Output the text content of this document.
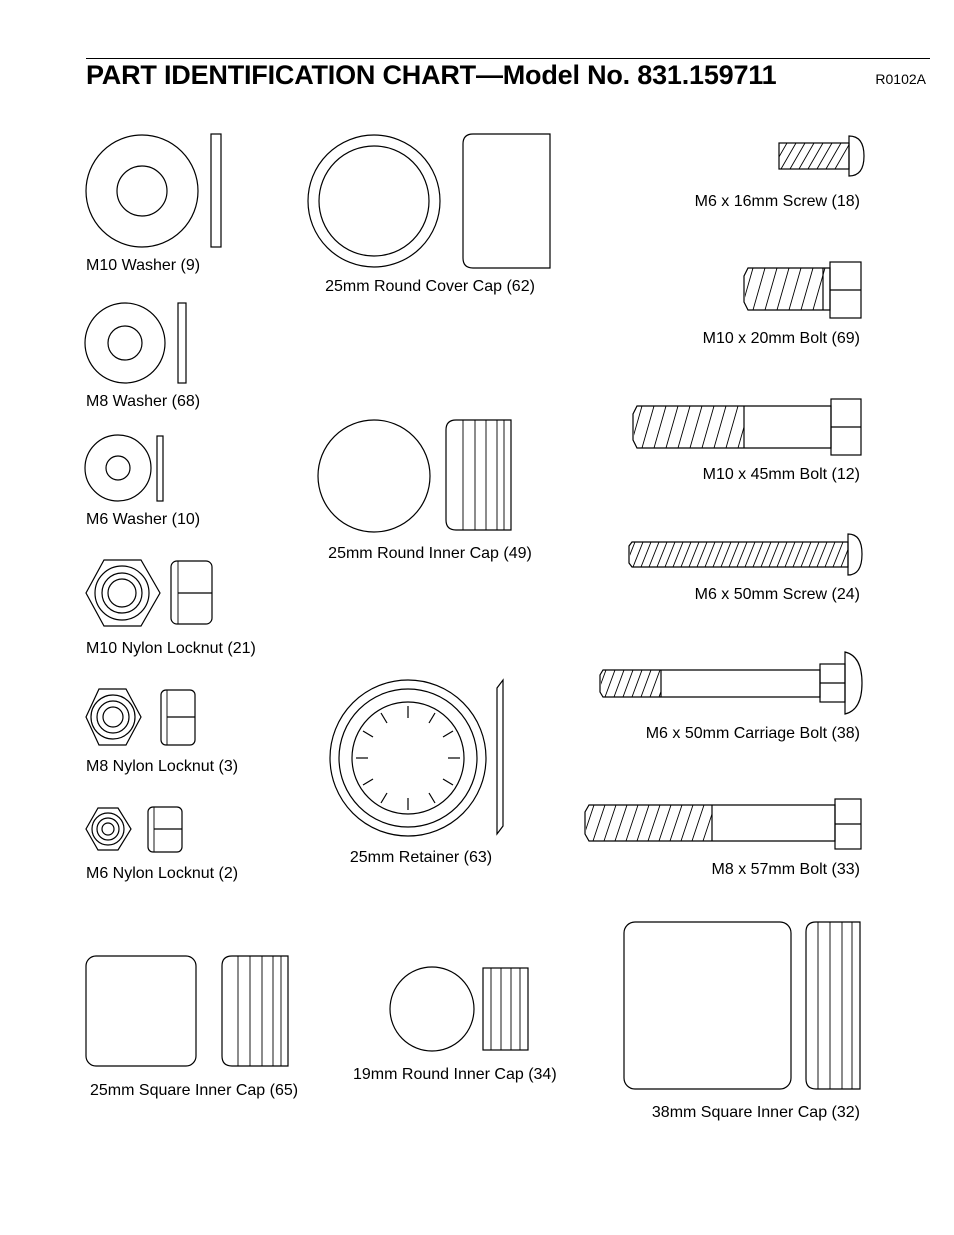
PART IDENTIFICATION CHART—Model No. 831.159711	R0102A
M10 Washer (9)
M8 Washer (68)
M6 Washer (10)
M10 Nylon Locknut (21)
M8 Nylon Locknut (3)
M6 Nylon Locknut (2)
25mm Round Cover Cap (62)
25mm Round Inner Cap (49)
25mm Retainer (63)
M6 x 16mm Screw (18)
M10 x 20mm Bolt (69)
M10 x 45mm Bolt (12)
M6 x 50mm Screw (24)
M6 x 50mm Carriage Bolt (38)
M8 x 57mm Bolt (33)
25mm Square Inner Cap (65)
19mm Round Inner Cap (34)
38mm Square Inner Cap (32)
